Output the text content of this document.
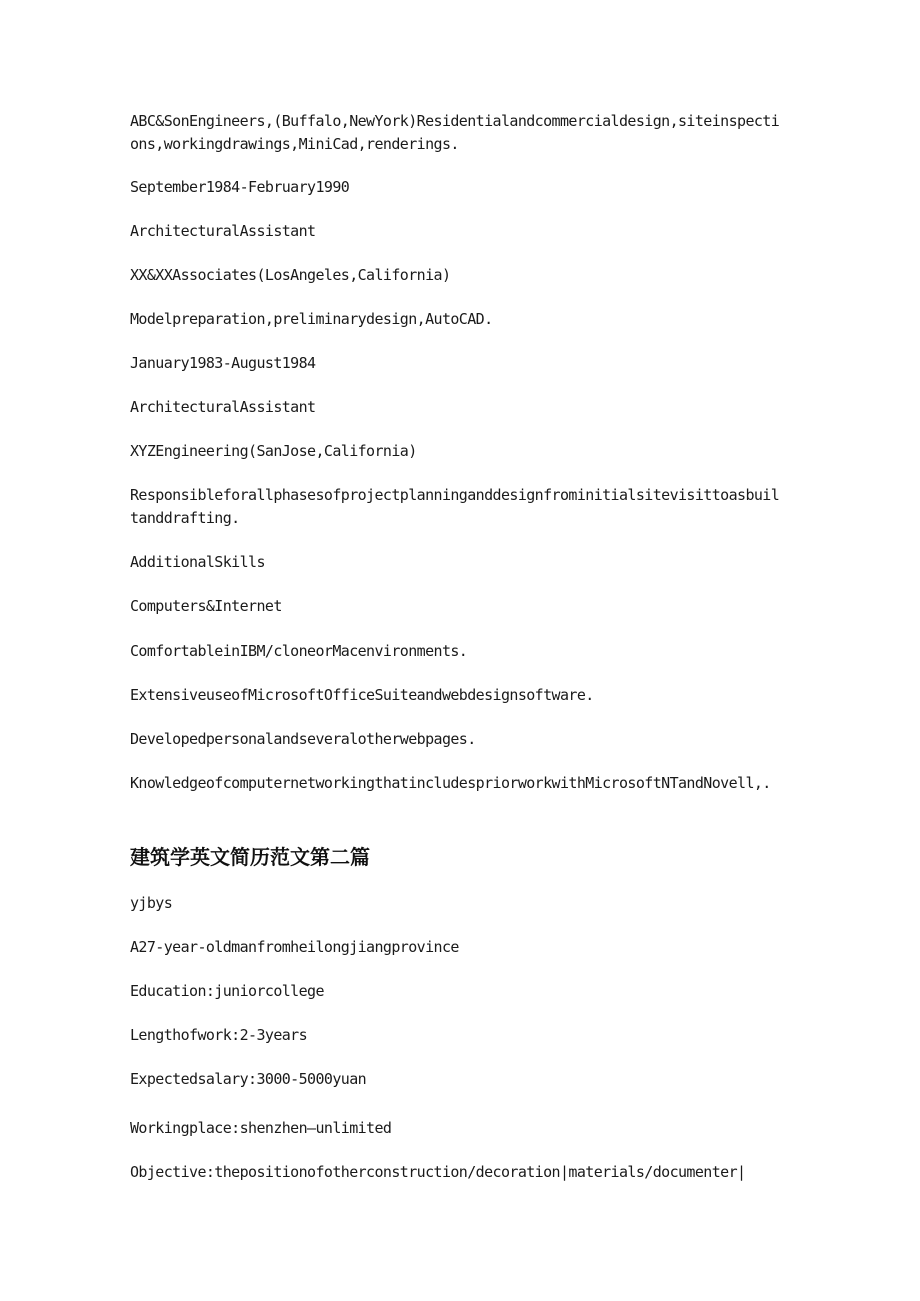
ABC&SonEngineers,(Buffalo,NewYork)Residentialandcommercialdesign,siteinspections,workingdrawings,MiniCad,renderings.

September1984-February1990

ArchitecturalAssistant

XX&XXAssociates(LosAngeles,California)

Modelpreparation,preliminarydesign,AutoCAD.

January1983-August1984

ArchitecturalAssistant

XYZEngineering(SanJose,California)

Responsibleforallphasesofprojectplanninganddesignfrominitialsitevisittoasbuiltanddrafting.

AdditionalSkills

Computers&Internet

ComfortableinIBM/cloneorMacenvironments.

ExtensiveuseofMicrosoftOfficeSuiteandwebdesignsoftware.

Developedpersonalandseveralotherwebpages.

KnowledgeofcomputernetworkingthatincludespriorworkwithMicrosoftNTandNovell,.

建筑学英文简历范文第二篇

yjbys

A27-year-oldmanfromheilongjiangprovince

Education:juniorcollege

Lengthofwork:2-3years

Expectedsalary:3000-5000yuan

Workingplace:shenzhen—unlimited

Objective:thepositionofotherconstruction/decoration|materials/documenter|
